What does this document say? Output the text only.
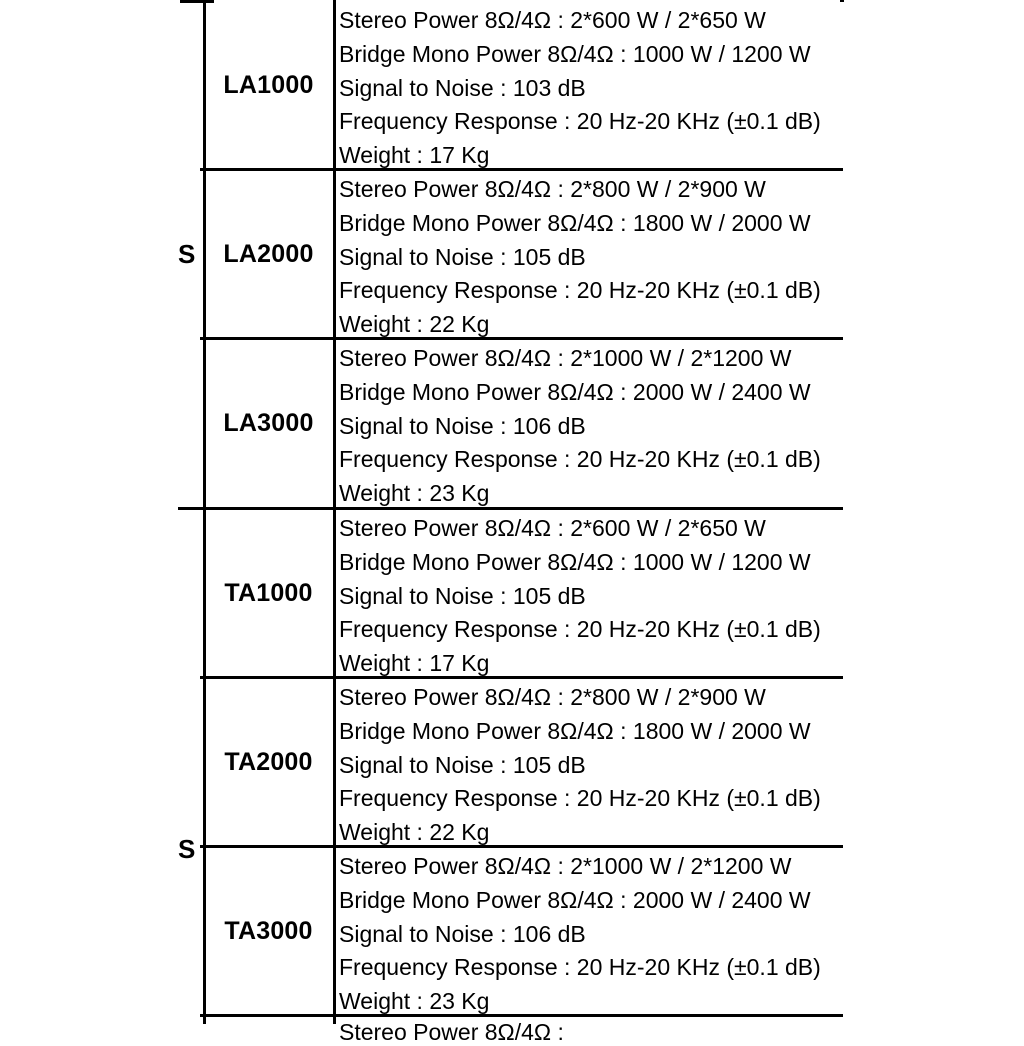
S
S
LA1000
Stereo Power 8Ω/4Ω : 2*600 W / 2*650 W
Bridge Mono Power 8Ω/4Ω : 1000 W / 1200 W
Signal to Noise : 103 dB
Frequency Response : 20 Hz-20 KHz (±0.1 dB)
Weight : 17 Kg
LA2000
Stereo Power 8Ω/4Ω : 2*800 W / 2*900 W
Bridge Mono Power 8Ω/4Ω : 1800 W / 2000 W
Signal to Noise : 105 dB
Frequency Response : 20 Hz-20 KHz (±0.1 dB)
Weight : 22 Kg
LA3000
Stereo Power 8Ω/4Ω : 2*1000 W / 2*1200 W
Bridge Mono Power 8Ω/4Ω : 2000 W / 2400 W
Signal to Noise : 106 dB
Frequency Response : 20 Hz-20 KHz (±0.1 dB)
Weight : 23 Kg
TA1000
Stereo Power 8Ω/4Ω : 2*600 W / 2*650 W
Bridge Mono Power 8Ω/4Ω : 1000 W / 1200 W
Signal to Noise : 105 dB
Frequency Response : 20 Hz-20 KHz (±0.1 dB)
Weight : 17 Kg
TA2000
Stereo Power 8Ω/4Ω : 2*800 W / 2*900 W
Bridge Mono Power 8Ω/4Ω : 1800 W / 2000 W
Signal to Noise : 105 dB
Frequency Response : 20 Hz-20 KHz (±0.1 dB)
Weight : 22 Kg
TA3000
Stereo Power 8Ω/4Ω : 2*1000 W / 2*1200 W
Bridge Mono Power 8Ω/4Ω : 2000 W / 2400 W
Signal to Noise : 106 dB
Frequency Response : 20 Hz-20 KHz (±0.1 dB)
Weight : 23 Kg
Stereo Power 8Ω/4Ω :
